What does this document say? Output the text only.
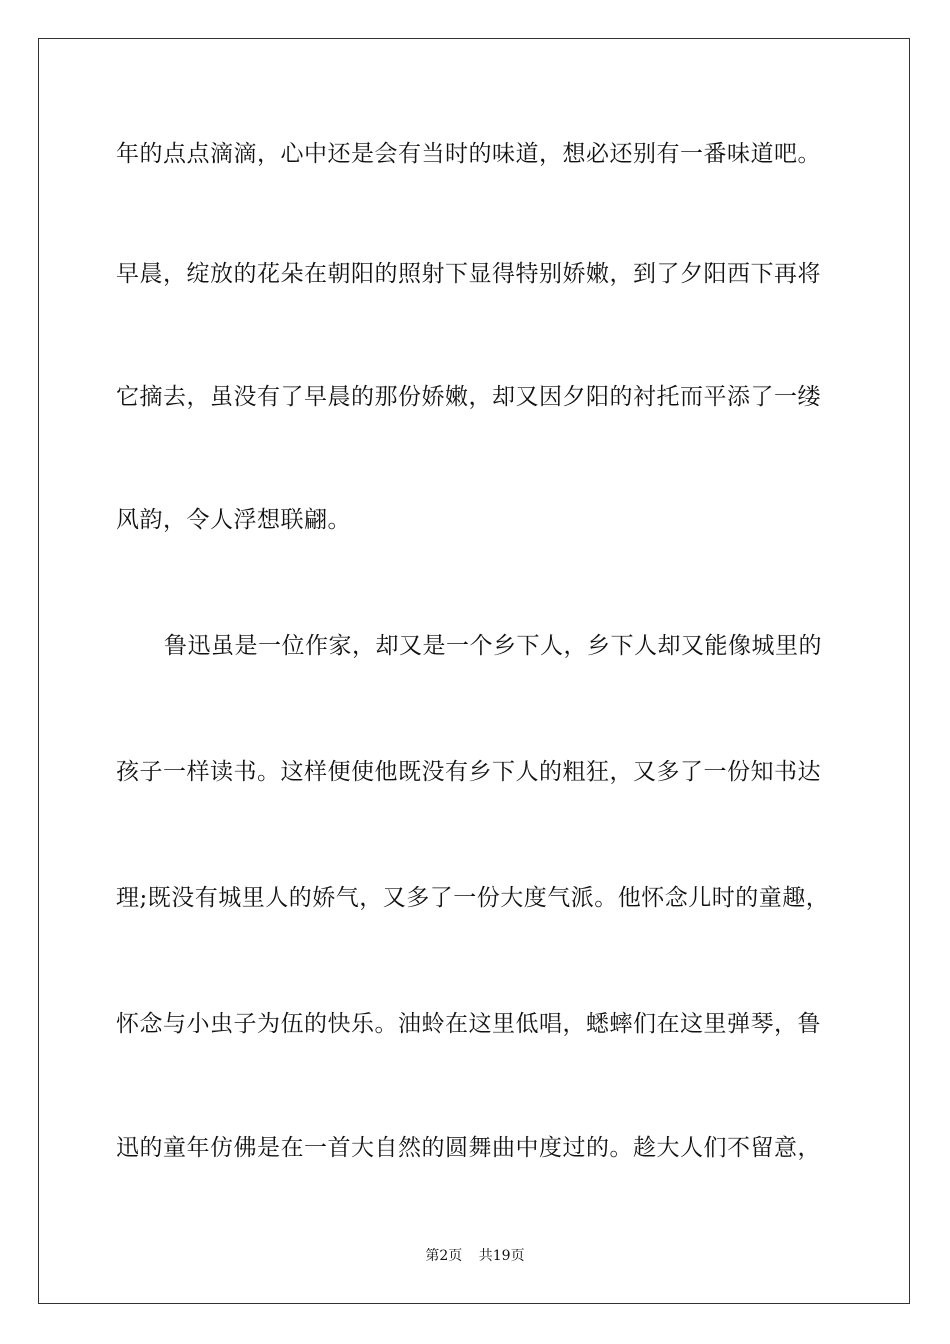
年的点点滴滴，心中还是会有当时的味道，想必还别有一番味道吧。
早晨，绽放的花朵在朝阳的照射下显得特别娇嫩，到了夕阳西下再将
它摘去，虽没有了早晨的那份娇嫩，却又因夕阳的衬托而平添了一缕
风韵，令人浮想联翩。
鲁迅虽是一位作家，却又是一个乡下人，乡下人却又能像城里的
孩子一样读书。这样便使他既没有乡下人的粗狂，又多了一份知书达
理;既没有城里人的娇气，又多了一份大度气派。他怀念儿时的童趣，
怀念与小虫子为伍的快乐。油蛉在这里低唱，蟋蟀们在这里弹琴，鲁
迅的童年仿佛是在一首大自然的圆舞曲中度过的。趁大人们不留意，
第2页 共19页
